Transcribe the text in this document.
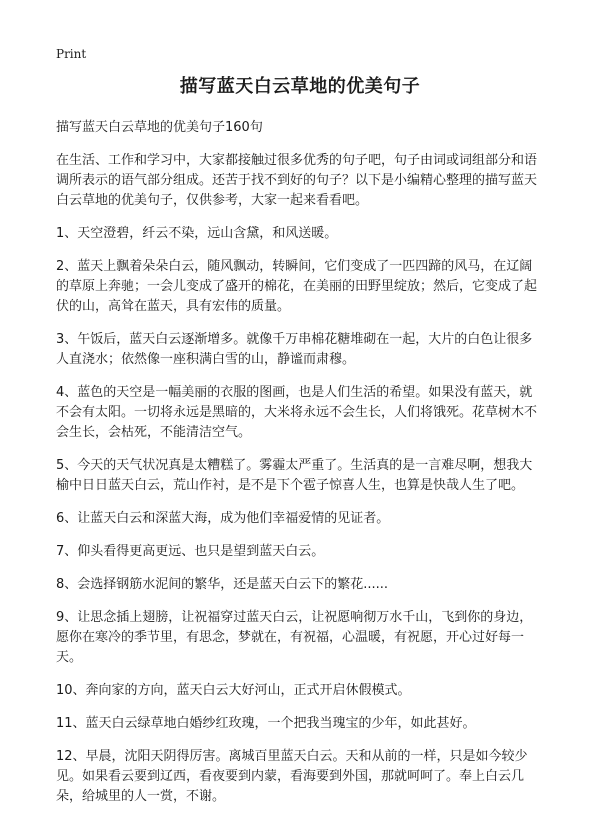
Print
描写蓝天白云草地的优美句子
描写蓝天白云草地的优美句子160句

在生活、工作和学习中，大家都接触过很多优秀的句子吧，句子由词或词组部分和语调所表示的语气部分组成。还苦于找不到好的句子？以下是小编精心整理的描写蓝天白云草地的优美句子，仅供参考，大家一起来看看吧。

1、天空澄碧，纤云不染，远山含黛，和风送暖。
2、蓝天上飘着朵朵白云，随风飘动，转瞬间，它们变成了一匹四蹄的风马，在辽阔的草原上奔驰；一会儿变成了盛开的棉花，在美丽的田野里绽放；然后，它变成了起伏的山，高耸在蓝天，具有宏伟的质量。
3、午饭后，蓝天白云逐渐增多。就像千万串棉花糖堆砌在一起，大片的白色让很多人直浇水；依然像一座积满白雪的山，静谧而肃穆。
4、蓝色的天空是一幅美丽的衣服的图画，也是人们生活的希望。如果没有蓝天，就不会有太阳。一切将永远是黑暗的，大米将永远不会生长，人们将饿死。花草树木不会生长，会枯死，不能清洁空气。
5、今天的天气状况真是太糟糕了。雾霾太严重了。生活真的是一言难尽啊，想我大榆中日日蓝天白云，荒山作衬，是不是下个雹子惊喜人生，也算是快哉人生了吧。
6、让蓝天白云和深蓝大海，成为他们幸福爱情的见证者。
7、仰头看得更高更远、也只是望到蓝天白云。
8、会选择钢筋水泥间的繁华，还是蓝天白云下的繁花......
9、让思念插上翅膀，让祝福穿过蓝天白云，让祝愿响彻万水千山，飞到你的身边，愿你在寒冷的季节里，有思念，梦就在，有祝福，心温暖，有祝愿，开心过好每一天。
10、奔向家的方向，蓝天白云大好河山，正式开启休假模式。
11、蓝天白云绿草地白婚纱红玫瑰，一个把我当瑰宝的少年，如此甚好。
12、早晨，沈阳天阴得厉害。离城百里蓝天白云。天和从前的一样，只是如今较少见。如果看云要到辽西，看夜要到内蒙，看海要到外国，那就呵呵了。奉上白云几朵，给城里的人一赏，不谢。
